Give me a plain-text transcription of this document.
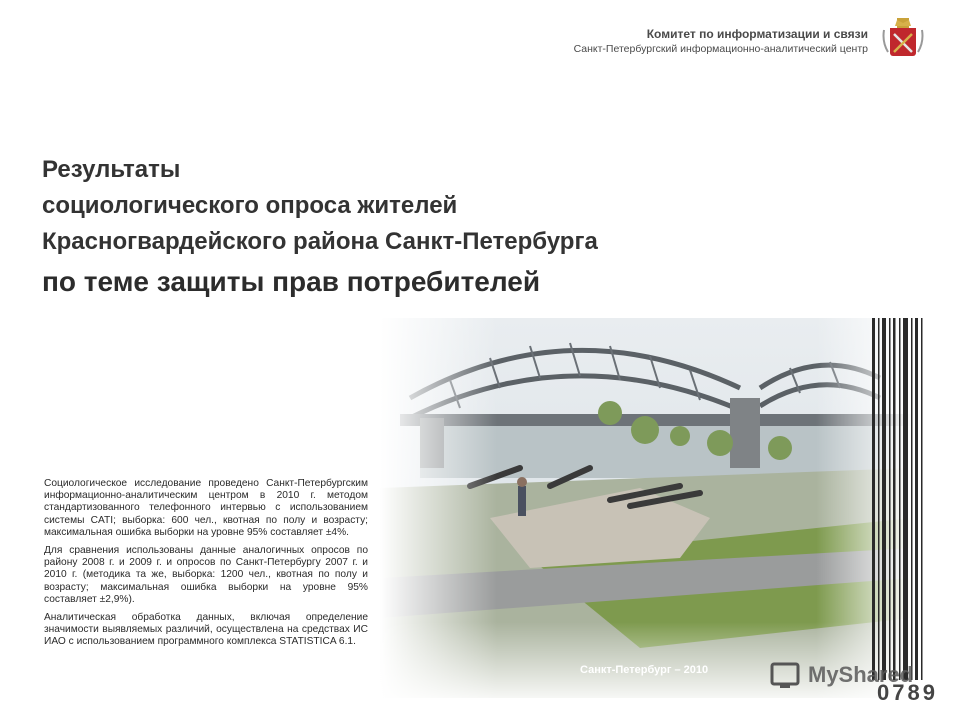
Комитет по информатизации и связи
Санкт-Петербургский информационно-аналитический центр
Результаты
социологического опроса жителей
Красногвардейского района Санкт-Петербурга
по теме защиты прав потребителей
0789

Социологическое исследование проведено Санкт-Петербургским информационно-аналитическим центром в 2010 г. методом стандартизованного телефонного интервью с использованием системы CATI; выборка: 600 чел., квотная по полу и возрасту; максимальная ошибка выборки на уровне 95% составляет ±4%.

Для сравнения использованы данные аналогичных опросов по району 2008 г. и 2009 г. и опросов по Санкт-Петербургу 2007 г. и 2010 г. (методика та же, выборка: 1200 чел., квотная по полу и возрасту; максимальная ошибка выборки на уровне 95% составляет ±2,9%).

Аналитическая обработка данных, включая определение значимости выявляемых различий, осуществлена на средствах ИС ИАО с использованием программного комплекса STATISTICA 6.1.

Санкт-Петербург – 2010	MyShared
